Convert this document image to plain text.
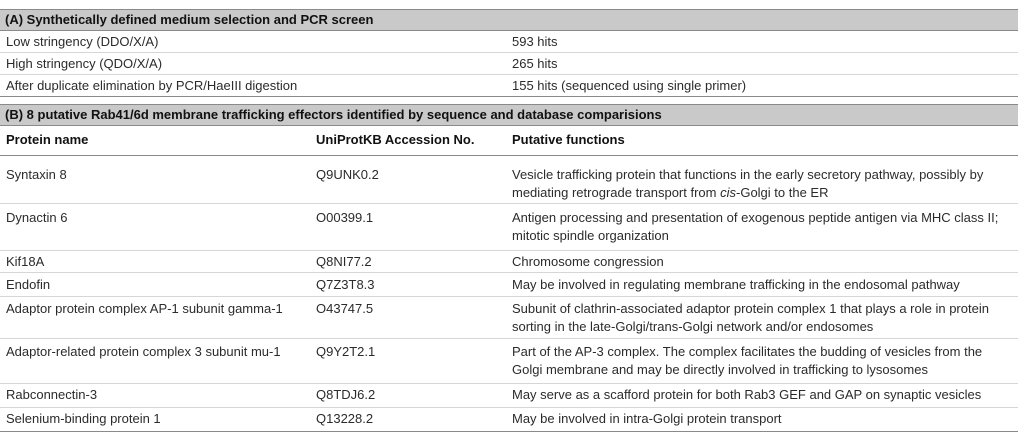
(A) Synthetically defined medium selection and PCR screen
Low stringency (DDO/X/A)	593 hits
High stringency (QDO/X/A)	265 hits
After duplicate elimination by PCR/HaeIII digestion	155 hits (sequenced using single primer)
(B) 8 putative Rab41/6d membrane trafficking effectors identified by sequence and database comparisions
Protein name	UniProtKB Accession No.	Putative functions
Syntaxin 8	Q9UNK0.2	Vesicle trafficking protein that functions in the early secretory pathway, possibly by mediating retrograde transport from cis-Golgi to the ER
Dynactin 6	O00399.1	Antigen processing and presentation of exogenous peptide antigen via MHC class II; mitotic spindle organization
Kif18A	Q8NI77.2	Chromosome congression
Endofin	Q7Z3T8.3	May be involved in regulating membrane trafficking in the endosomal pathway
Adaptor protein complex AP-1 subunit gamma-1	O43747.5	Subunit of clathrin-associated adaptor protein complex 1 that plays a role in protein sorting in the late-Golgi/trans-Golgi network and/or endosomes
Adaptor-related protein complex 3 subunit mu-1	Q9Y2T2.1	Part of the AP-3 complex. The complex facilitates the budding of vesicles from the Golgi membrane and may be directly involved in trafficking to lysosomes
Rabconnectin-3	Q8TDJ6.2	May serve as a scafford protein for both Rab3 GEF and GAP on synaptic vesicles
Selenium-binding protein 1	Q13228.2	May be involved in intra-Golgi protein transport
